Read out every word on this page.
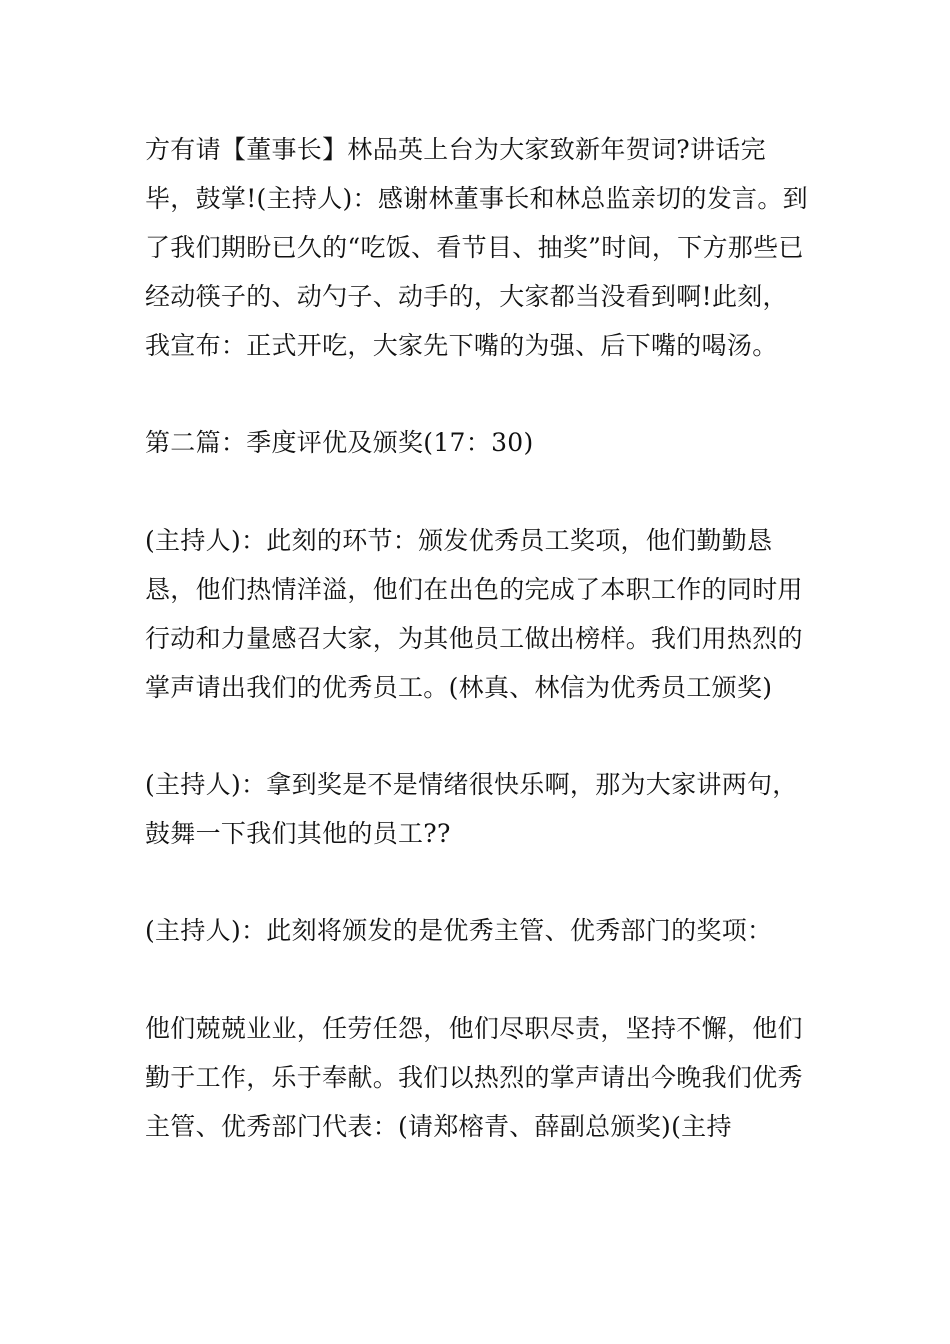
方有请【董事长】林品英上台为大家致新年贺词?讲话完毕，鼓掌!(主持人)：感谢林董事长和林总监亲切的发言。到了我们期盼已久的“吃饭、看节目、抽奖”时间，下方那些已经动筷子的、动勺子、动手的，大家都当没看到啊!此刻，我宣布：正式开吃，大家先下嘴的为强、后下嘴的喝汤。

第二篇：季度评优及颁奖(17：30)

(主持人)：此刻的环节：颁发优秀员工奖项，他们勤勤恳恳，他们热情洋溢，他们在出色的完成了本职工作的同时用行动和力量感召大家，为其他员工做出榜样。我们用热烈的掌声请出我们的优秀员工。(林真、林信为优秀员工颁奖)

(主持人)：拿到奖是不是情绪很快乐啊，那为大家讲两句，鼓舞一下我们其他的员工??

(主持人)：此刻将颁发的是优秀主管、优秀部门的奖项：

他们兢兢业业，任劳任怨，他们尽职尽责，坚持不懈，他们勤于工作，乐于奉献。我们以热烈的掌声请出今晚我们优秀主管、优秀部门代表：(请郑榕青、薛副总颁奖)(主持
